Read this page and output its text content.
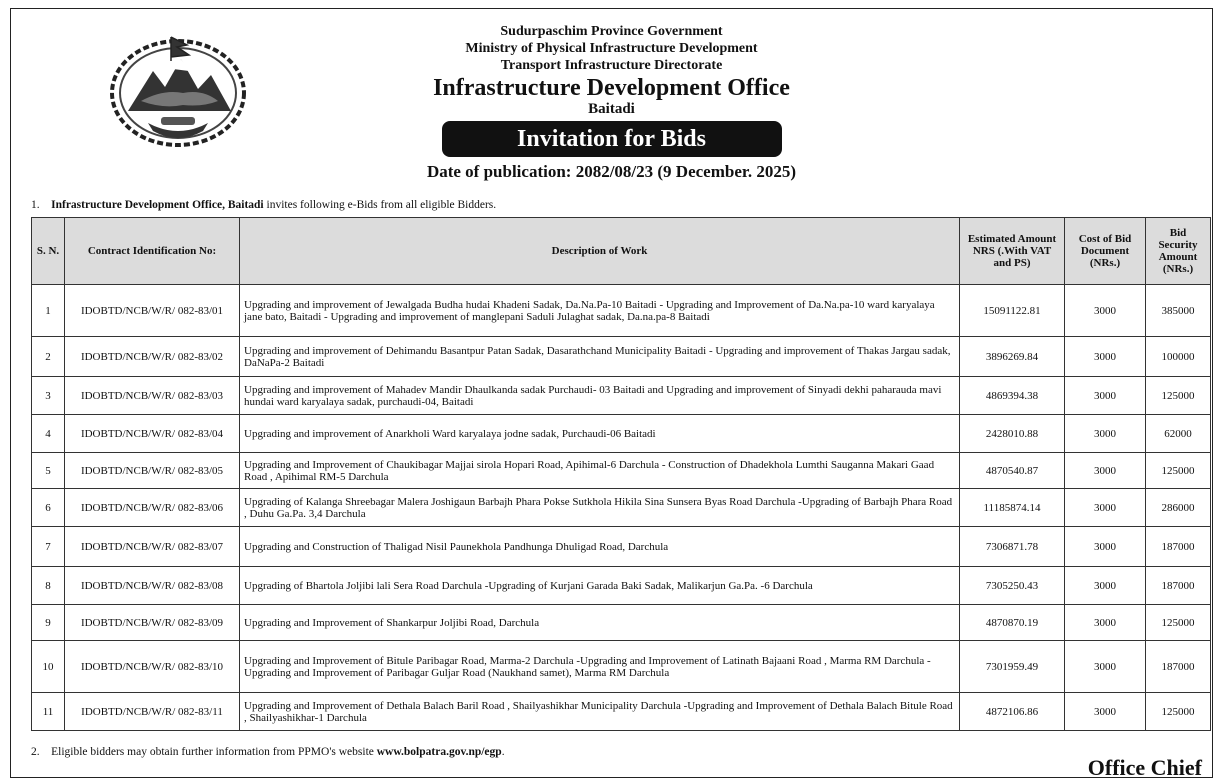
Sudurpaschim Province Government
Ministry of Physical Infrastructure Development
Transport Infrastructure Directorate
Infrastructure Development Office
Baitadi
Invitation for Bids
Date of publication: 2082/08/23 (9 December. 2025)
1. Infrastructure Development Office, Baitadi invites following e-Bids from all eligible Bidders.
S. N.	Contract Identification No:	Description of Work	Estimated Amount NRS (.With VAT and PS)	Cost of Bid Document (NRs.)	Bid Security Amount (NRs.)
1	IDOBTD/NCB/W/R/ 082-83/01	Upgrading and improvement of Jewalgada Budha hudai Khadeni Sadak, Da.Na.Pa-10 Baitadi - Upgrading and Improvement of Da.Na.pa-10 ward karyalaya jane bato, Baitadi - Upgrading and improvement of manglepani Saduli Julaghat sadak, Da.na.pa-8 Baitadi	15091122.81	3000	385000
2	IDOBTD/NCB/W/R/ 082-83/02	Upgrading and improvement of Dehimandu Basantpur Patan Sadak, Dasarathchand Municipality Baitadi - Upgrading and improvement of Thakas Jargau sadak, DaNaPa-2 Baitadi	3896269.84	3000	100000
3	IDOBTD/NCB/W/R/ 082-83/03	Upgrading and improvement of Mahadev Mandir Dhaulkanda sadak Purchaudi- 03 Baitadi and Upgrading and improvement of Sinyadi dekhi paharauda mavi hundai ward karyalaya sadak, purchaudi-04, Baitadi	4869394.38	3000	125000
4	IDOBTD/NCB/W/R/ 082-83/04	Upgrading and improvement of Anarkholi Ward karyalaya jodne sadak, Purchaudi-06 Baitadi	2428010.88	3000	62000
5	IDOBTD/NCB/W/R/ 082-83/05	Upgrading and Improvement of Chaukibagar Majjai sirola Hopari Road, Apihimal-6 Darchula - Construction of Dhadekhola Lumthi Sauganna Makari Gaad Road , Apihimal RM-5 Darchula	4870540.87	3000	125000
6	IDOBTD/NCB/W/R/ 082-83/06	Upgrading of Kalanga Shreebagar Malera Joshigaun Barbajh Phara Pokse Sutkhola Hikila Sina Sunsera Byas Road Darchula -Upgrading of Barbajh Phara Road , Duhu Ga.Pa. 3,4 Darchula	11185874.14	3000	286000
7	IDOBTD/NCB/W/R/ 082-83/07	Upgrading and Construction of Thaligad Nisil Paunekhola Pandhunga Dhuligad Road, Darchula	7306871.78	3000	187000
8	IDOBTD/NCB/W/R/ 082-83/08	Upgrading of Bhartola Joljibi lali Sera Road Darchula -Upgrading of Kurjani Garada Baki Sadak, Malikarjun Ga.Pa. -6 Darchula	7305250.43	3000	187000
9	IDOBTD/NCB/W/R/ 082-83/09	Upgrading and Improvement of Shankarpur Joljibi Road, Darchula	4870870.19	3000	125000
10	IDOBTD/NCB/W/R/ 082-83/10	Upgrading and Improvement of Bitule Paribagar Road, Marma-2 Darchula -Upgrading and Improvement of Latinath Bajaani Road , Marma RM Darchula -Upgrading and Improvement of Paribagar Guljar Road (Naukhand samet), Marma RM Darchula	7301959.49	3000	187000
11	IDOBTD/NCB/W/R/ 082-83/11	Upgrading and Improvement of Dethala Balach Baril Road , Shailyashikhar Municipality Darchula -Upgrading and Improvement of Dethala Balach Bitule Road , Shailyashikhar-1 Darchula	4872106.86	3000	125000
2. Eligible bidders may obtain further information from PPMO's website www.bolpatra.gov.np/egp.
Office Chief
